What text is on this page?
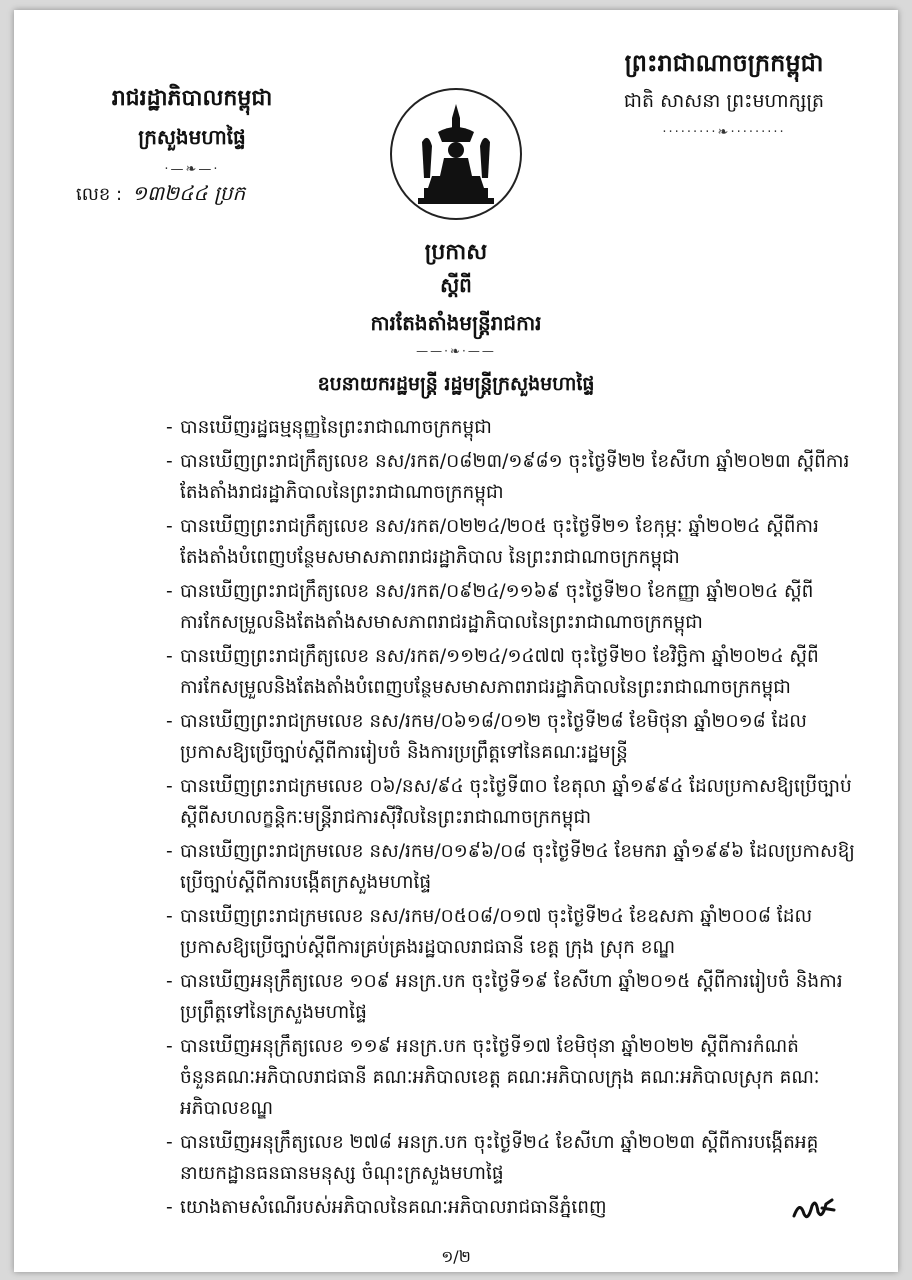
ព្រះរាជាណាចក្រកម្ពុជា
ជាតិ សាសនា ព្រះមហាក្សត្រ
·········❧·········
រាជរដ្ឋាភិបាលកម្ពុជា
ក្រសួងមហាផ្ទៃ
·—❧—·
លេខ : ១៣២៤៤ ប្រក
ប្រកាស
ស្តីពី
ការតែងតាំងមន្ត្រីរាជការ
——·❧·——
ឧបនាយករដ្ឋមន្ត្រី រដ្ឋមន្ត្រីក្រសួងមហាផ្ទៃ
- បានឃើញរដ្ឋធម្មនុញ្ញនៃព្រះរាជាណាចក្រកម្ពុជា
- បានឃើញព្រះរាជក្រឹត្យលេខ នស/រកត/០៨២៣/១៩៨១ ចុះថ្ងៃទី២២ ខែសីហា ឆ្នាំ២០២៣ ស្តីពីការតែងតាំងរាជរដ្ឋាភិបាលនៃព្រះរាជាណាចក្រកម្ពុជា
- បានឃើញព្រះរាជក្រឹត្យលេខ នស/រកត/០២២៤/២០៥ ចុះថ្ងៃទី២១ ខែកុម្ភៈ ឆ្នាំ២០២៤ ស្តីពីការតែងតាំងបំពេញបន្ថែមសមាសភាពរាជរដ្ឋាភិបាល នៃព្រះរាជាណាចក្រកម្ពុជា
- បានឃើញព្រះរាជក្រឹត្យលេខ នស/រកត/០៩២៤/១១៦៩ ចុះថ្ងៃទី២០ ខែកញ្ញា ឆ្នាំ២០២៤ ស្តីពីការកែសម្រួលនិងតែងតាំងសមាសភាពរាជរដ្ឋាភិបាលនៃព្រះរាជាណាចក្រកម្ពុជា
- បានឃើញព្រះរាជក្រឹត្យលេខ នស/រកត/១១២៤/១៤៧៧ ចុះថ្ងៃទី២០ ខែវិច្ឆិកា ឆ្នាំ២០២៤ ស្តីពីការកែសម្រួលនិងតែងតាំងបំពេញបន្ថែមសមាសភាពរាជរដ្ឋាភិបាលនៃព្រះរាជាណាចក្រកម្ពុជា
- បានឃើញព្រះរាជក្រមលេខ នស/រកម/០៦១៨/០១២ ចុះថ្ងៃទី២៨ ខែមិថុនា ឆ្នាំ២០១៨ ដែលប្រកាសឱ្យប្រើច្បាប់ស្តីពីការរៀបចំ និងការប្រព្រឹត្តទៅនៃគណៈរដ្ឋមន្ត្រី
- បានឃើញព្រះរាជក្រមលេខ ០៦/នស/៩៤ ចុះថ្ងៃទី៣០ ខែតុលា ឆ្នាំ១៩៩៤ ដែលប្រកាសឱ្យប្រើច្បាប់ស្តីពីសហលក្ខន្តិកៈមន្ត្រីរាជការស៊ីវិលនៃព្រះរាជាណាចក្រកម្ពុជា
- បានឃើញព្រះរាជក្រមលេខ នស/រកម/០១៩៦/០៨ ចុះថ្ងៃទី២៤ ខែមករា ឆ្នាំ១៩៩៦ ដែលប្រកាសឱ្យប្រើច្បាប់ស្តីពីការបង្កើតក្រសួងមហាផ្ទៃ
- បានឃើញព្រះរាជក្រមលេខ នស/រកម/០៥០៨/០១៧ ចុះថ្ងៃទី២៤ ខែឧសភា ឆ្នាំ២០០៨ ដែលប្រកាសឱ្យប្រើច្បាប់ស្តីពីការគ្រប់គ្រងរដ្ឋបាលរាជធានី ខេត្ត ក្រុង ស្រុក ខណ្ឌ
- បានឃើញអនុក្រឹត្យលេខ ១០៩ អនក្រ.បក ចុះថ្ងៃទី១៩ ខែសីហា ឆ្នាំ២០១៥ ស្តីពីការរៀបចំ និងការប្រព្រឹត្តទៅនៃក្រសួងមហាផ្ទៃ
- បានឃើញអនុក្រឹត្យលេខ ១១៩ អនក្រ.បក ចុះថ្ងៃទី១៧ ខែមិថុនា ឆ្នាំ២០២២ ស្តីពីការកំណត់ចំនួនគណៈអភិបាលរាជធានី គណៈអភិបាលខេត្ត គណៈអភិបាលក្រុង គណៈអភិបាលស្រុក គណៈអភិបាលខណ្ឌ
- បានឃើញអនុក្រឹត្យលេខ ២៧៨ អនក្រ.បក ចុះថ្ងៃទី២៤ ខែសីហា ឆ្នាំ២០២៣ ស្តីពីការបង្កើតអគ្គនាយកដ្ឋានធនធានមនុស្ស ចំណុះក្រសួងមហាផ្ទៃ
- យោងតាមសំណើរបស់អភិបាលនៃគណៈអភិបាលរាជធានីភ្នំពេញ
១/២
